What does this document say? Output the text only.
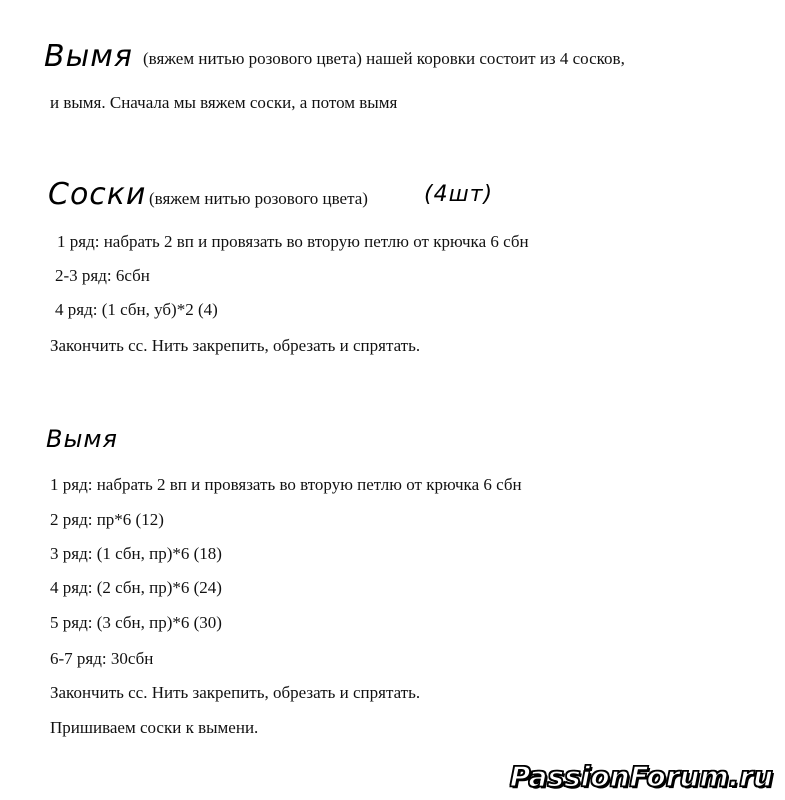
Вымя (вяжем нитью розового цвета) нашей коровки состоит из 4 сосков,
и вымя. Сначала мы вяжем соски, а потом вымя
Соски (вяжем нитью розового цвета)	(4шт)
1 ряд: набрать 2 вп и провязать во вторую петлю от крючка 6 сбн
2-3 ряд: 6сбн
4 ряд: (1 сбн, уб)*2 (4)
Закончить сс. Нить закрепить, обрезать и спрятать.
Вымя
1 ряд: набрать 2 вп и провязать во вторую петлю от крючка 6 сбн
2 ряд: пр*6 (12)
3 ряд: (1 сбн, пр)*6 (18)
4 ряд: (2 сбн, пр)*6 (24)
5 ряд: (3 сбн, пр)*6 (30)
6-7 ряд: 30сбн
Закончить сс. Нить закрепить, обрезать и спрятать.
Пришиваем соски к вымени.
PassionForum.ru
